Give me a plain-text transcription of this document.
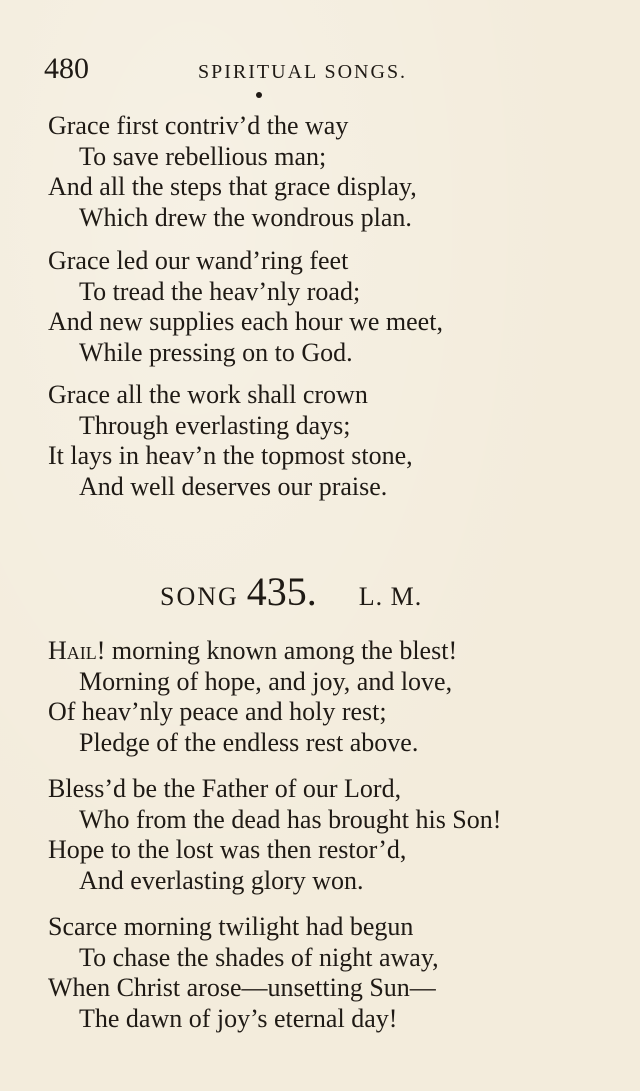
480	SPIRITUAL SONGS.
Grace first contriv’d the way
To save rebellious man;
And all the steps that grace display,
Which drew the wondrous plan.
Grace led our wand’ring feet
To tread the heav’nly road;
And new supplies each hour we meet,
While pressing on to God.
Grace all the work shall crown
Through everlasting days;
It lays in heav’n the topmost stone,
And well deserves our praise.
SONG 435. L. M.
Hail! morning known among the blest!
Morning of hope, and joy, and love,
Of heav’nly peace and holy rest;
Pledge of the endless rest above.
Bless’d be the Father of our Lord,
Who from the dead has brought his Son!
Hope to the lost was then restor’d,
And everlasting glory won.
Scarce morning twilight had begun
To chase the shades of night away,
When Christ arose—unsetting Sun—
The dawn of joy’s eternal day!
